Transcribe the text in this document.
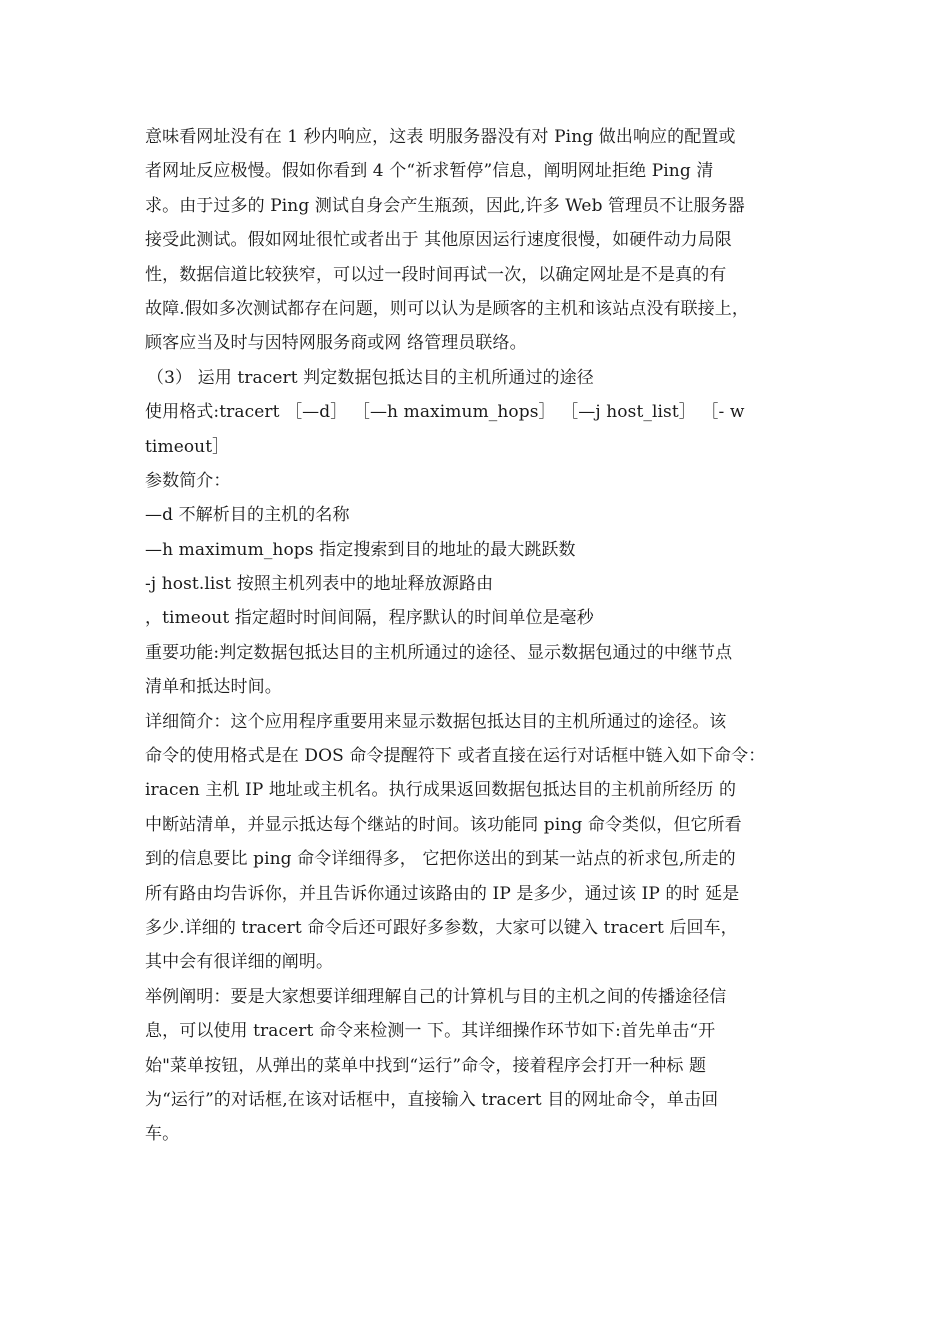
意味看网址没有在 1 秒内响应，这表 明服务器没有对 Ping 做出响应的配置或
者网址反应极慢。假如你看到 4 个“祈求暂停”信息，阐明网址拒绝 Ping 清
求。由于过多的 Ping 测试自身会产生瓶颈，因此,许多 Web 管理员不让服务器
接受此测试。假如网址很忙或者出于 其他原因运行速度很慢，如硬件动力局限
性，数据信道比较狭窄，可以过一段时间再试一次，以确定网址是不是真的有
故障.假如多次测试都存在问题，则可以认为是顾客的主机和该站点没有联接上，
顾客应当及时与因特网服务商或网 络管理员联络。
（3） 运用 tracert 判定数据包抵达目的主机所通过的途径
使用格式:tracert ［—d］ ［—h maximum_hops］ ［—j host_list］ ［- w
timeout］
参数简介：
—d 不解析目的主机的名称
—h maximum_hops 指定搜索到目的地址的最大跳跃数
-j host.list 按照主机列表中的地址释放源路由
，timeout 指定超时时间间隔，程序默认的时间单位是毫秒
重要功能:判定数据包抵达目的主机所通过的途径、显示数据包通过的中继节点
清单和抵达时间。
详细简介：这个应用程序重要用来显示数据包抵达目的主机所通过的途径。该
命令的使用格式是在 DOS 命令提醒符下 或者直接在运行对话框中链入如下命令：
iracen 主机 IP 地址或主机名。执行成果返回数据包抵达目的主机前所经历 的
中断站清单，并显示抵达每个继站的时间。该功能同 ping 命令类似，但它所看
到的信息要比 ping 命令详细得多， 它把你送出的到某一站点的祈求包,所走的
所有路由均告诉你，并且告诉你通过该路由的 IP 是多少，通过该 IP 的时 延是
多少.详细的 tracert 命令后还可跟好多参数，大家可以键入 tracert 后回车，
其中会有很详细的阐明。
举例阐明：要是大家想要详细理解自己的计算机与目的主机之间的传播途径信
息，可以使用 tracert 命令来检测一 下。其详细操作环节如下:首先单击“开
始"菜单按钮，从弹出的菜单中找到“运行”命令，接着程序会打开一种标 题
为“运行”的对话框,在该对话框中，直接输入 tracert 目的网址命令，单击回
车。
